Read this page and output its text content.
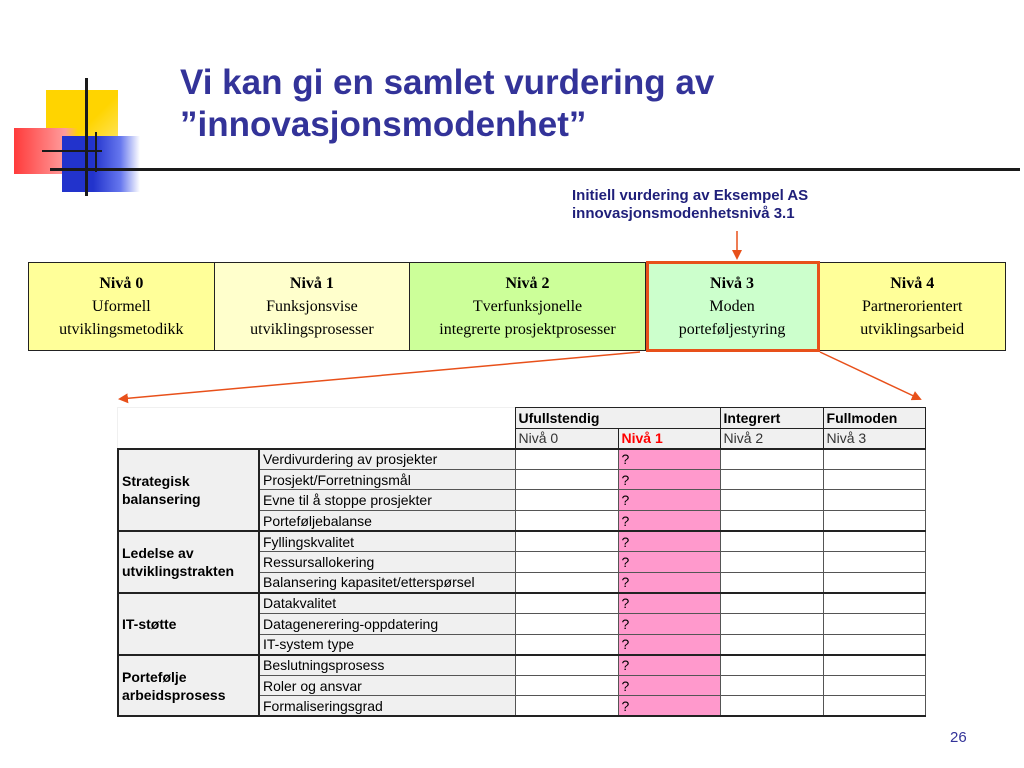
Vi kan gi en samlet vurdering av
”innovasjonsmodenhet”
Initiell vurdering av Eksempel AS
innovasjonsmodenhetsnivå 3.1
Nivå 0
Uformell
utviklingsmetodikk
Nivå 1
Funksjonsvise
utviklingsprosesser
Nivå 2
Tverfunksjonelle
integrerte prosjektprosesser
Nivå 3
Moden
porteføljestyring
Nivå 4
Partnerorientert
utviklingsarbeid
		Ufullstendig		Integrert	Fullmoden
		Nivå 0	Nivå 1	Nivå 2	Nivå 3

Strategisk
balansering	Verdivurdering av prosjekter		?		
	Prosjekt/Forretningsmål		?		
	Evne til å stoppe prosjekter		?		
	Porteføljebalanse		?		

Ledelse av
utviklingstrakten	Fyllingskvalitet		?		
	Ressursallokering		?		
	Balansering kapasitet/etterspørsel		?		

IT-støtte	Datakvalitet		?		
	Datagenerering-oppdatering		?		
	IT-system type		?		

Portefølje
arbeidsprosess	Beslutningsprosess		?		
	Roler og ansvar		?		
	Formaliseringsgrad		?		
26
